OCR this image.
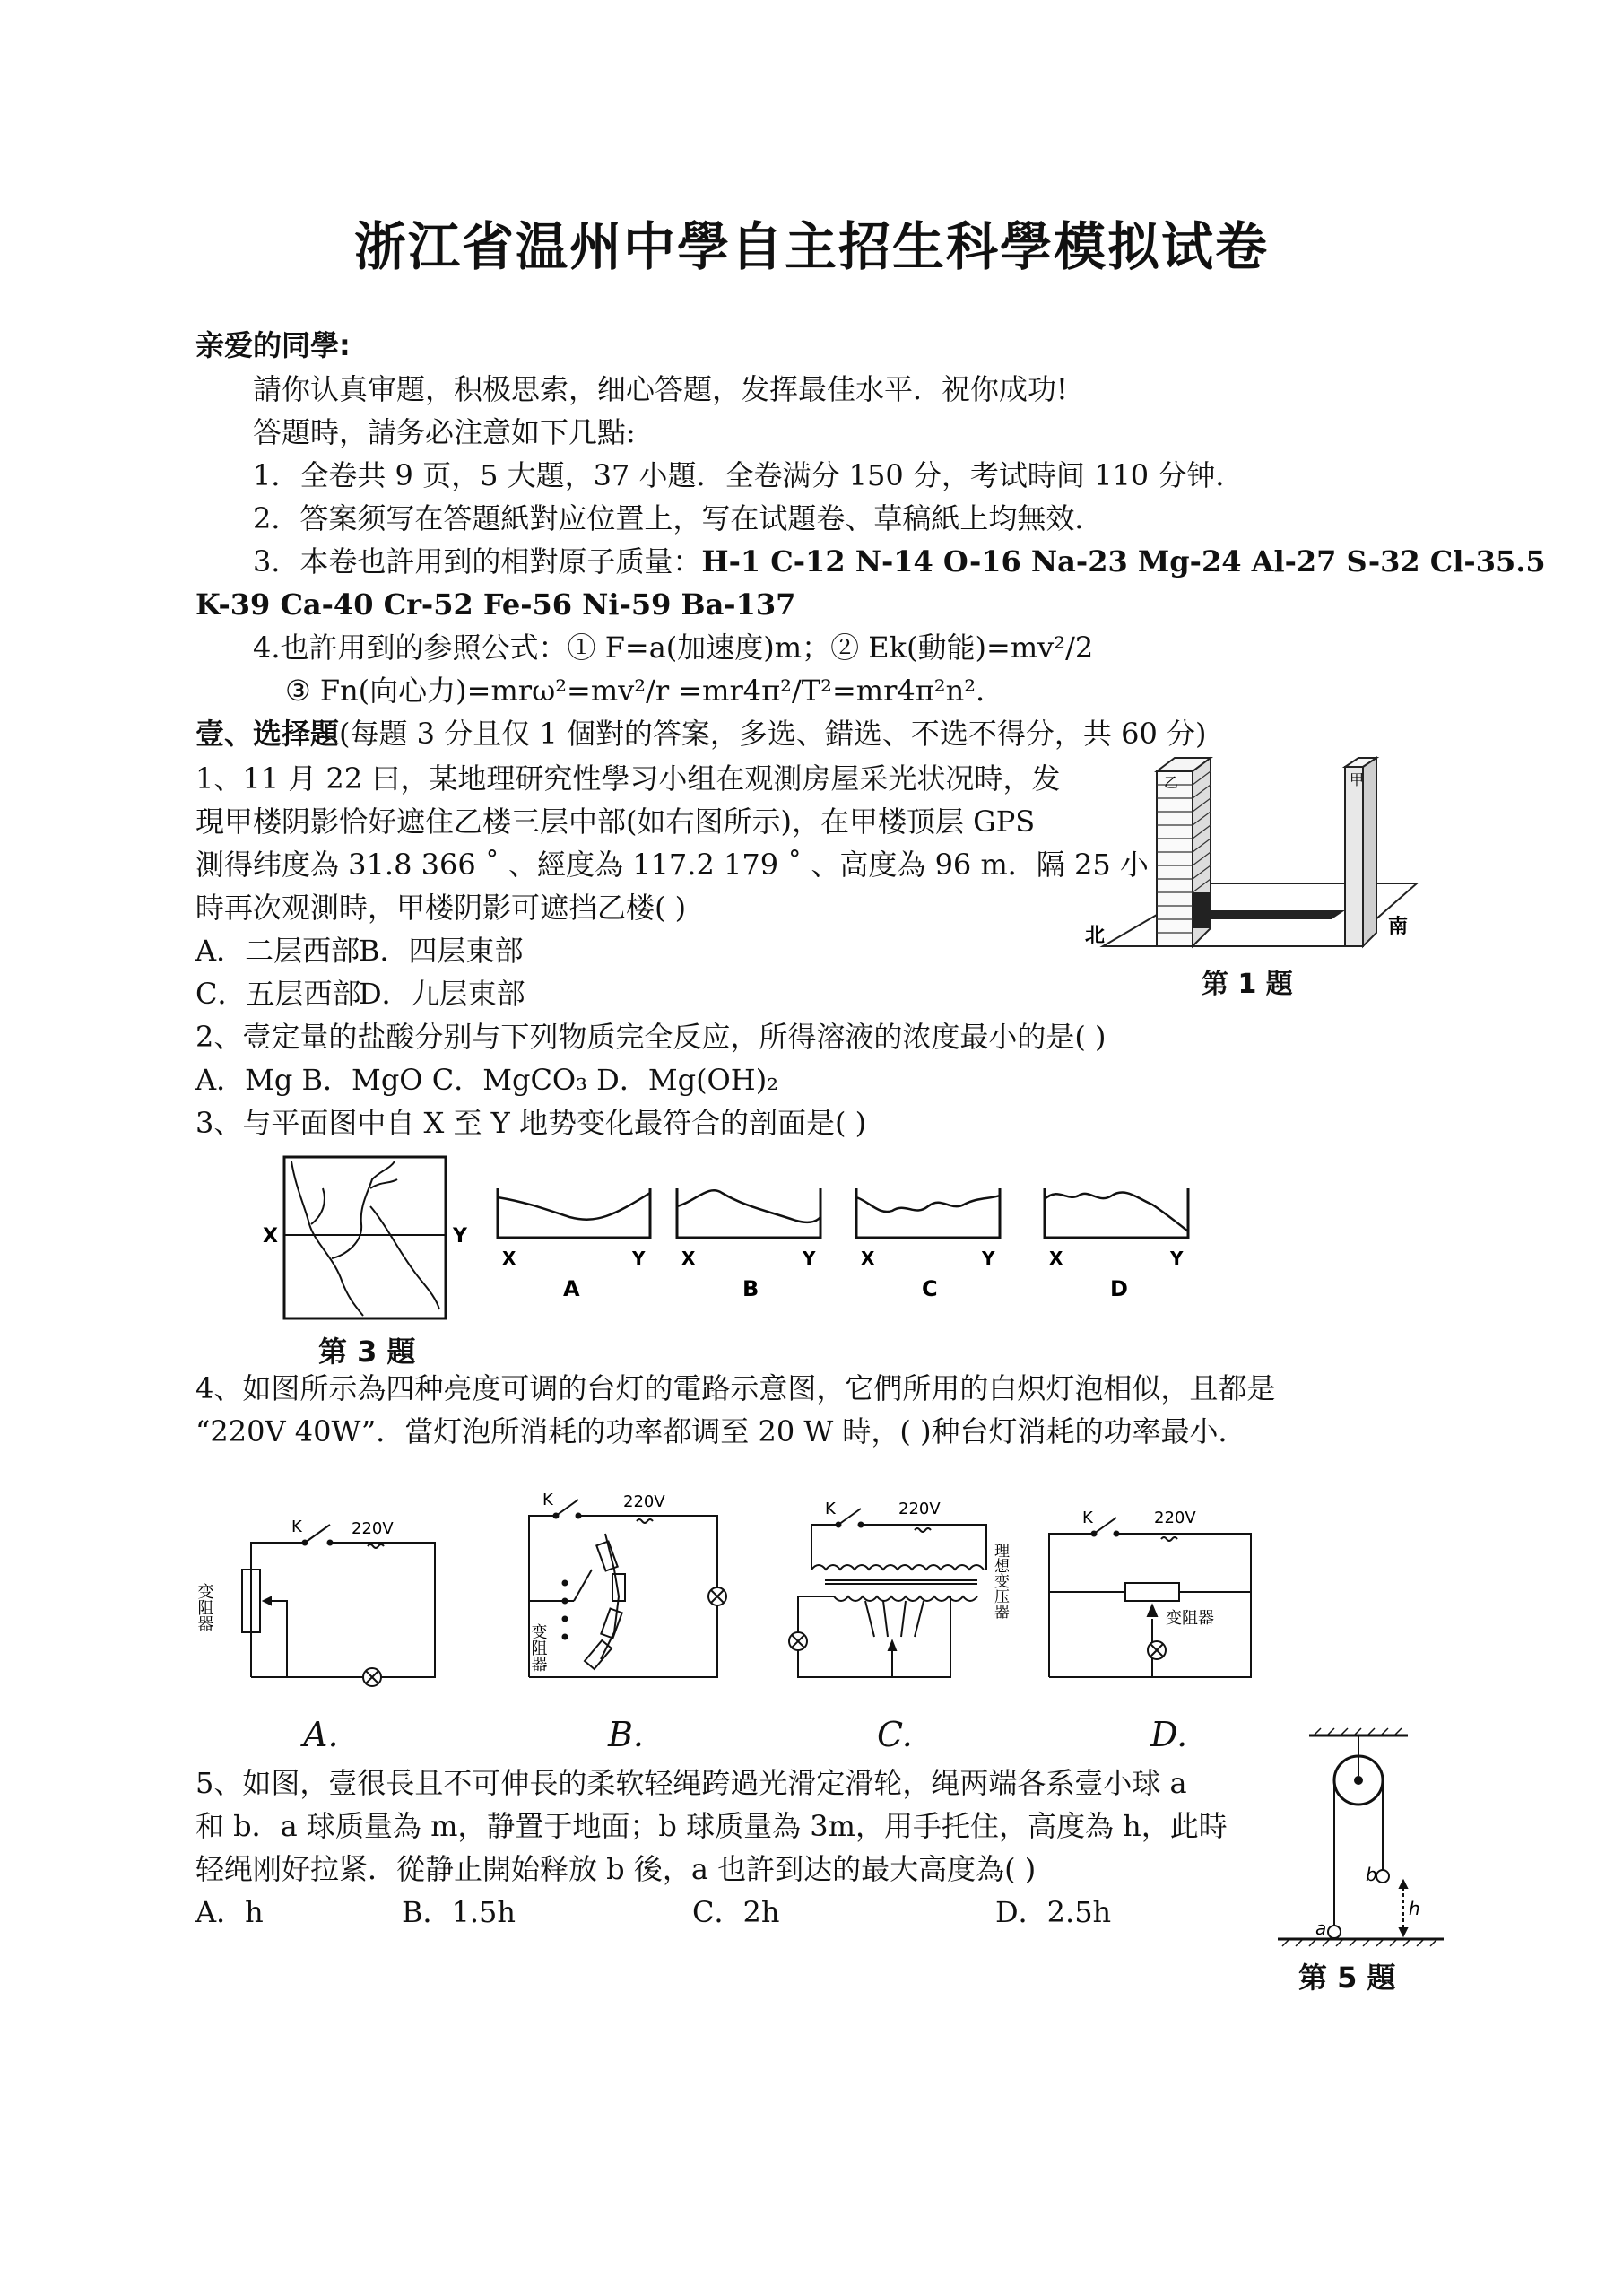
浙江省温州中學自主招生科學模拟试卷
亲爱的同學:
請你认真审題，积极思索，细心答題，发挥最佳水平．祝你成功!
答題時，請务必注意如下几點:
1．全卷共 9 页，5 大題，37 小題．全卷满分 150 分，考试時间 110 分钟．
2．答案须写在答題紙對应位置上，写在试題卷、草稿紙上均無效．
3．本卷也許用到的相對原子质量：H-1 C-12 N-14 O-16 Na-23 Mg-24 Al-27 S-32 Cl-35.5
K-39 Ca-40 Cr-52 Fe-56 Ni-59 Ba-137
4.也許用到的参照公式：① F=a(加速度)m；② Ek(動能)=mv²/2
③ Fn(向心力)=mrω²=mv²/r =mr4π²/T²=mr4π²n²．
壹、选择題(每題 3 分且仅 1 個對的答案，多选、錯选、不选不得分，共 60 分)
1、11 月 22 曰，某地理研究性學习小组在观測房屋采光状况時，发
現甲楼阴影恰好遮住乙楼三层中部(如右图所示)，在甲楼顶层 GPS
測得纬度為 31.8 366 ˚ 、經度為 117.2 179 ˚ 、高度為 96 m．隔 25 小
時再次观測時，甲楼阴影可遮挡乙楼( )
A．二层西部
B．四层東部
C．五层西部
D．九层東部
乙	甲
北	南
第 1 題
2、壹定量的盐酸分别与下列物质完全反应，所得溶液的浓度最小的是( )
A．Mg B．MgO C．MgCO₃ D．Mg(OH)₂
3、与平面图中自 X 至 Y 地势变化最符合的剖面是( )
X	Y
X	Y
A
X	Y
B
X	Y
C
X	Y
D
第 3 題
4、如图所示為四种亮度可调的台灯的電路示意图，它們所用的白炽灯泡相似，且都是
“220V 40W”．當灯泡所消耗的功率都调至 20 W 時，( )种台灯消耗的功率最小．
K	220V
变阻器
K	220V
变阻器
K	220V
理想变压器
K	220V
变阻器
A.	B.	C.	D.
5、如图，壹很長且不可伸長的柔软轻绳跨過光滑定滑轮，绳两端各系壹小球 a
和 b．a 球质量為 m，静置于地面；b 球质量為 3m，用手托住，高度為 h，此時
轻绳刚好拉紧．從静止開始释放 b 後，a 也許到达的最大高度為( )
A．h	B．1.5h	C．2h	D．2.5h
b
a
h
第 5 題
